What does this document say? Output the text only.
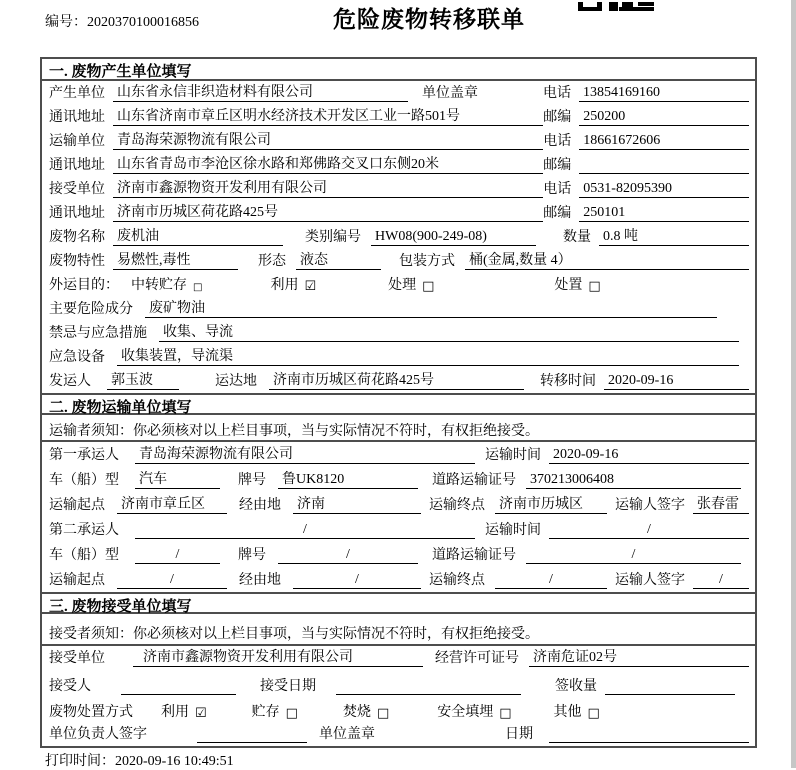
编号：2020370100016856	危险废物转移联单
一. 废物产生单位填写
产生单位 山东省永信非织造材料有限公司	单位盖章	电话 13854169160
通讯地址 山东省济南市章丘区明水经济技术开发区工业一路501号	邮编 250200
运输单位 青岛海荣源物流有限公司	电话 18661672606
通讯地址 山东省青岛市李沧区徐水路和郑佛路交叉口东侧20米	邮编
接受单位 济南市鑫源物资开发利用有限公司	电话 0531-82095390
通讯地址 济南市历城区荷花路425号	邮编 250101
废物名称 废机油	类别编号 HW08(900-249-08)	数量 0.8 吨
废物特性 易燃性,毒性	形态 液态	包装方式 桶(金属,数量 4）
外运目的： 中转贮存 □	利用 ☑	处理 □	处置 □
主要危险成分 废矿物油
禁忌与应急措施 收集、导流
应急设备 收集装置，导流渠
发运人 郭玉波	运达地 济南市历城区荷花路425号	转移时间 2020-09-16
二. 废物运输单位填写
运输者须知：你必须核对以上栏目事项，当与实际情况不符时，有权拒绝接受。
第一承运人 青岛海荣源物流有限公司	运输时间 2020-09-16
车（船）型 汽车	牌号 鲁UK8120	道路运输证号 370213006408
运输起点 济南市章丘区	经由地 济南	运输终点 济南市历城区	运输人签字 张春雷
第二承运人	/	运输时间	/
车（船）型	/	牌号	/	道路运输证号	/
运输起点	/	经由地	/	运输终点	/	运输人签字	/
三. 废物接受单位填写
接受者须知：你必须核对以上栏目事项，当与实际情况不符时，有权拒绝接受。
接受单位	济南市鑫源物资开发利用有限公司	经营许可证号 济南危证02号
接受人	接受日期	签收量
废物处置方式 利用 ☑	贮存 □	焚烧 □	安全填埋 □	其他 □
单位负责人签字	单位盖章	日期
打印时间：2020-09-16 10:49:51
